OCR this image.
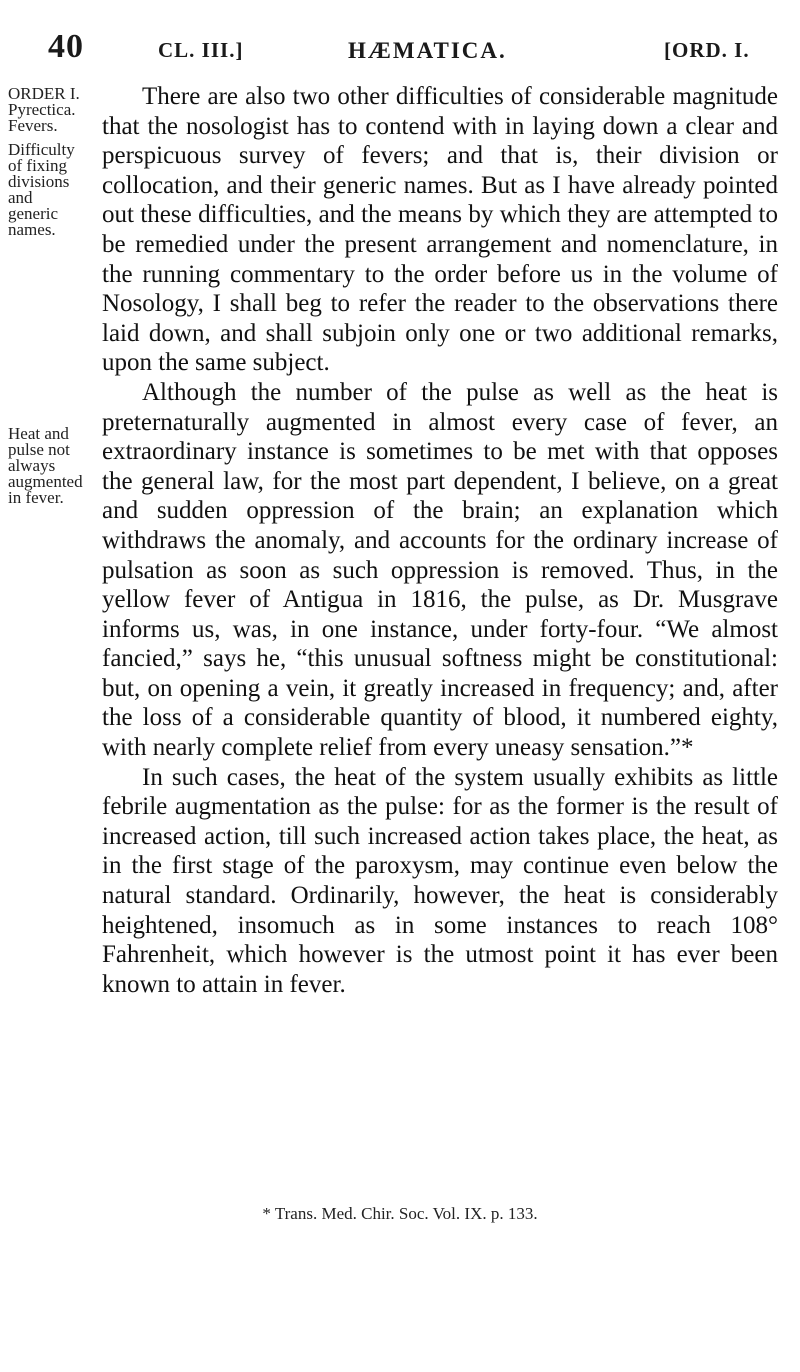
40	CL. III.]	HÆMATICA.	[ORD. I.
ORDER I. Pyrectica. Fevers.
Difficulty of fixing divisions and generic names.
Heat and pulse not always augmented in fever.

There are also two other difficulties of considerable magnitude that the nosologist has to contend with in laying down a clear and perspicuous survey of fevers; and that is, their division or collocation, and their generic names. But as I have already pointed out these difficulties, and the means by which they are attempted to be remedied under the present arrangement and nomenclature, in the running commentary to the order before us in the volume of Nosology, I shall beg to refer the reader to the observations there laid down, and shall subjoin only one or two additional remarks, upon the same subject.

Although the number of the pulse as well as the heat is preternaturally augmented in almost every case of fever, an extraordinary instance is sometimes to be met with that opposes the general law, for the most part dependent, I believe, on a great and sudden oppression of the brain; an explanation which withdraws the anomaly, and accounts for the ordinary increase of pulsation as soon as such oppression is removed. Thus, in the yellow fever of Antigua in 1816, the pulse, as Dr. Musgrave informs us, was, in one instance, under forty-four. “We almost fancied,” says he, “this unusual softness might be constitutional: but, on opening a vein, it greatly increased in frequency; and, after the loss of a considerable quantity of blood, it numbered eighty, with nearly complete relief from every uneasy sensation.”*

In such cases, the heat of the system usually exhibits as little febrile augmentation as the pulse: for as the former is the result of increased action, till such increased action takes place, the heat, as in the first stage of the paroxysm, may continue even below the natural standard. Ordinarily, however, the heat is considerably heightened, insomuch as in some instances to reach 108° Fahrenheit, which however is the utmost point it has ever been known to attain in fever.

* Trans. Med. Chir. Soc. Vol. IX. p. 133.
